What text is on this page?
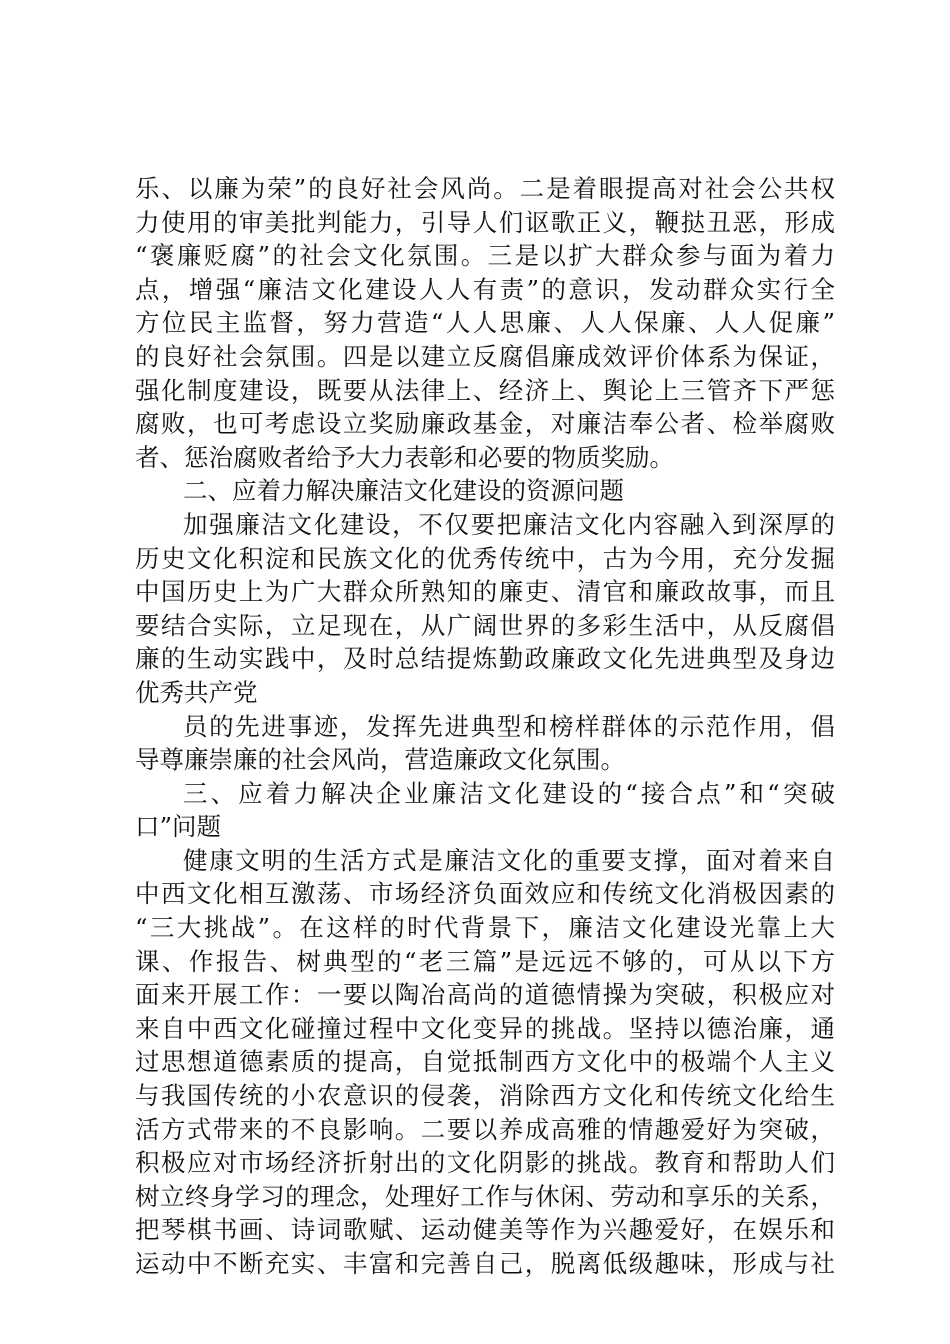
乐、以廉为荣”的良好社会风尚。二是着眼提高对社会公共权
力使用的审美批判能力，引导人们讴歌正义，鞭挞丑恶，形成
“褒廉贬腐”的社会文化氛围。三是以扩大群众参与面为着力
点，增强“廉洁文化建设人人有责”的意识，发动群众实行全
方位民主监督，努力营造“人人思廉、人人保廉、人人促廉”
的良好社会氛围。四是以建立反腐倡廉成效评价体系为保证，
强化制度建设，既要从法律上、经济上、舆论上三管齐下严惩
腐败，也可考虑设立奖励廉政基金，对廉洁奉公者、检举腐败
者、惩治腐败者给予大力表彰和必要的物质奖励。
二、应着力解决廉洁文化建设的资源问题
加强廉洁文化建设，不仅要把廉洁文化内容融入到深厚的
历史文化积淀和民族文化的优秀传统中，古为今用，充分发掘
中国历史上为广大群众所熟知的廉吏、清官和廉政故事，而且
要结合实际，立足现在，从广阔世界的多彩生活中，从反腐倡
廉的生动实践中，及时总结提炼勤政廉政文化先进典型及身边
优秀共产党
员的先进事迹，发挥先进典型和榜样群体的示范作用，倡
导尊廉崇廉的社会风尚，营造廉政文化氛围。
三、应着力解决企业廉洁文化建设的“接合点”和“突破
口”问题
健康文明的生活方式是廉洁文化的重要支撑，面对着来自
中西文化相互激荡、市场经济负面效应和传统文化消极因素的
“三大挑战”。在这样的时代背景下，廉洁文化建设光靠上大
课、作报告、树典型的“老三篇”是远远不够的，可从以下方
面来开展工作：一要以陶冶高尚的道德情操为突破，积极应对
来自中西文化碰撞过程中文化变异的挑战。坚持以德治廉，通
过思想道德素质的提高，自觉抵制西方文化中的极端个人主义
与我国传统的小农意识的侵袭，消除西方文化和传统文化给生
活方式带来的不良影响。二要以养成高雅的情趣爱好为突破，
积极应对市场经济折射出的文化阴影的挑战。教育和帮助人们
树立终身学习的理念，处理好工作与休闲、劳动和享乐的关系，
把琴棋书画、诗词歌赋、运动健美等作为兴趣爱好，在娱乐和
运动中不断充实、丰富和完善自己，脱离低级趣味，形成与社
